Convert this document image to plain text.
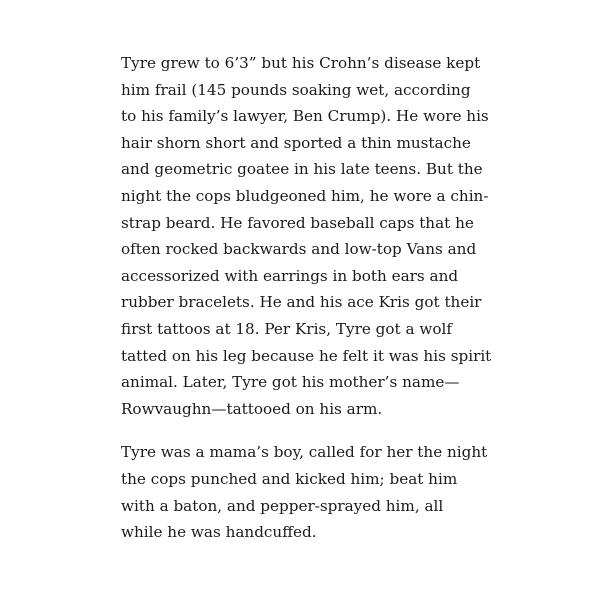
Tyre grew to 6’3” but his Crohn’s disease kept
him frail (145 pounds soaking wet, according
to his family’s lawyer, Ben Crump). He wore his
hair shorn short and sported a thin mustache
and geometric goatee in his late teens. But the
night the cops bludgeoned him, he wore a chin-
strap beard. He favored baseball caps that he
often rocked backwards and low-top Vans and
accessorized with earrings in both ears and
rubber bracelets. He and his ace Kris got their
first tattoos at 18. Per Kris, Tyre got a wolf
tatted on his leg because he felt it was his spirit
animal. Later, Tyre got his mother’s name—
Rowvaughn—tattooed on his arm.

Tyre was a mama’s boy, called for her the night
the cops punched and kicked him; beat him
with a baton, and pepper-sprayed him, all
while he was handcuffed.
